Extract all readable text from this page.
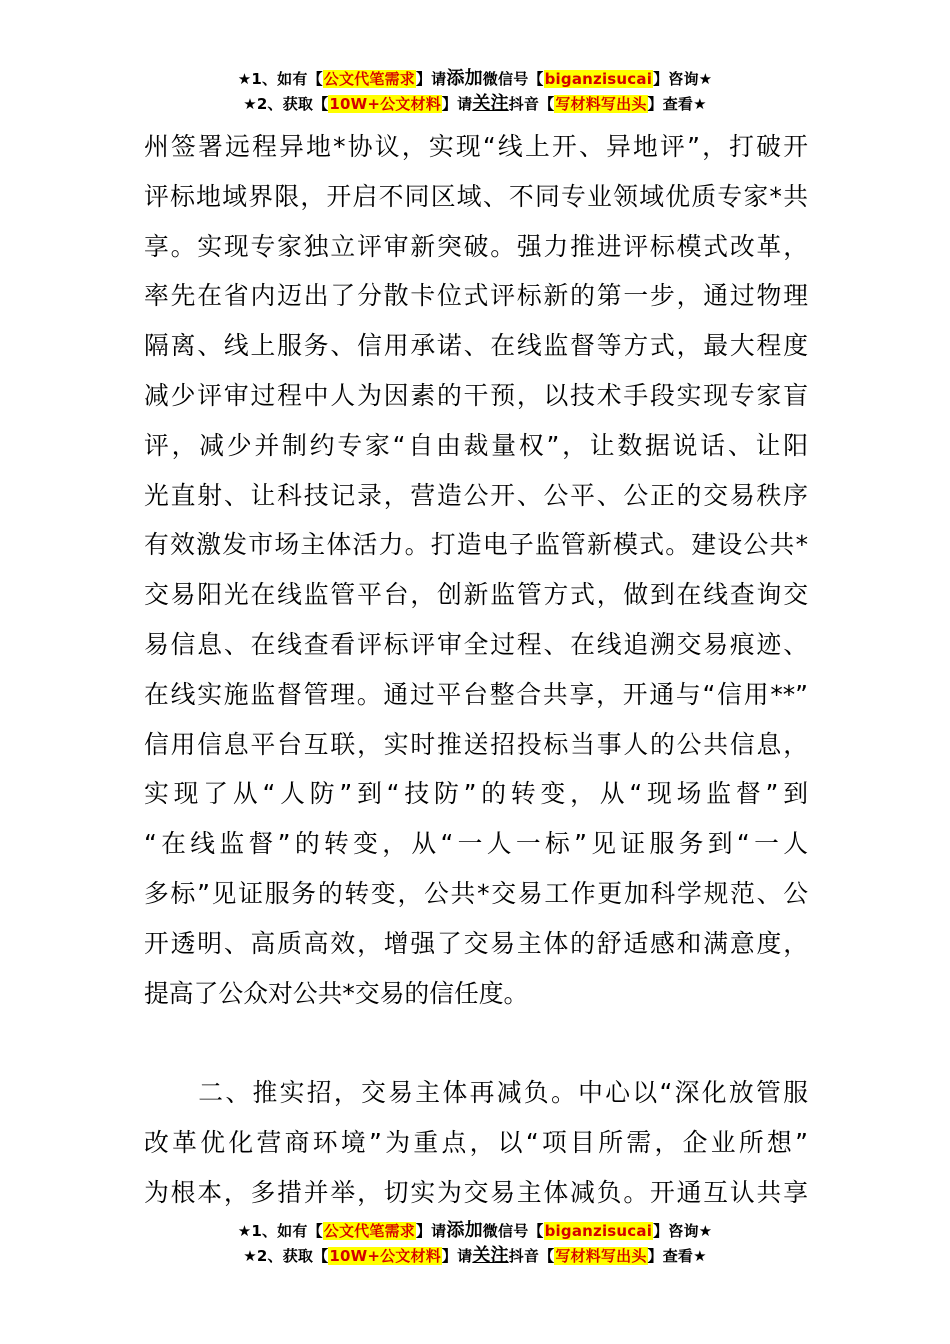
★1、如有【公文代笔需求】请添加微信号【biganzisucai】咨询★
★2、获取【10W+公文材料】请关注抖音【写材料写出头】查看★
州签署远程异地*协议，实现“线上开、异地评”，打破开
评标地域界限，开启不同区域、不同专业领域优质专家*共
享。实现专家独立评审新突破。强力推进评标模式改革，
率先在省内迈出了分散卡位式评标新的第一步，通过物理
隔离、线上服务、信用承诺、在线监督等方式，最大程度
减少评审过程中人为因素的干预，以技术手段实现专家盲
评，减少并制约专家“自由裁量权”，让数据说话、让阳
光直射、让科技记录，营造公开、公平、公正的交易秩序
有效激发市场主体活力。打造电子监管新模式。建设公共*
交易阳光在线监管平台，创新监管方式，做到在线查询交
易信息、在线查看评标评审全过程、在线追溯交易痕迹、
在线实施监督管理。通过平台整合共享，开通与“信用**”
信用信息平台互联，实时推送招投标当事人的公共信息，
实现了从“人防”到“技防”的转变，从“现场监督”到
“在线监督”的转变，从“一人一标”见证服务到“一人
多标”见证服务的转变，公共*交易工作更加科学规范、公
开透明、高质高效，增强了交易主体的舒适感和满意度，
提高了公众对公共*交易的信任度。
　　二、推实招，交易主体再减负。中心以“深化放管服
改革优化营商环境”为重点，以“项目所需，企业所想”
为根本，多措并举，切实为交易主体减负。开通互认共享
★1、如有【公文代笔需求】请添加微信号【biganzisucai】咨询★
★2、获取【10W+公文材料】请关注抖音【写材料写出头】查看★
